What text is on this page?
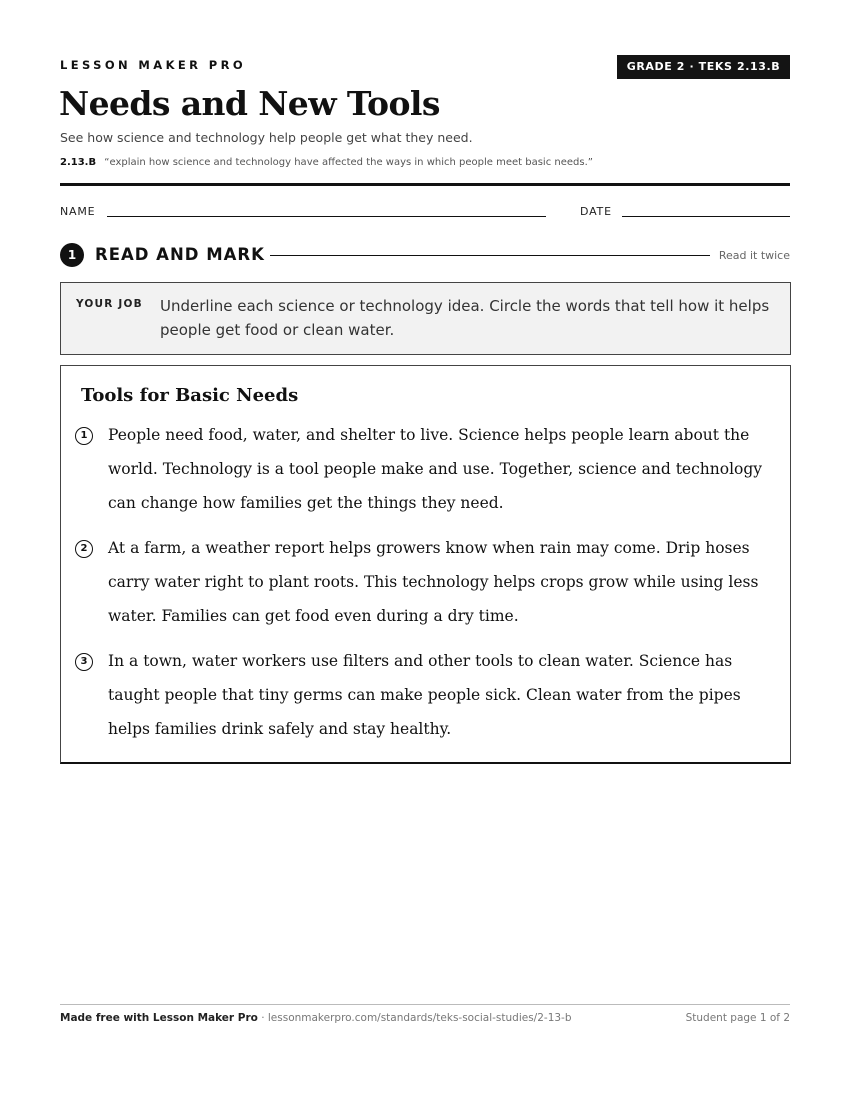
LESSON MAKER PRO	GRADE 2 · TEKS 2.13.B
Needs and New Tools
See how science and technology help people get what they need.
2.13.B “explain how science and technology have affected the ways in which people meet basic needs.”
NAME	DATE
1	READ AND MARK	Read it twice
YOUR JOB Underline each science or technology idea. Circle the words that tell how it helps people get food or clean water.
Tools for Basic Needs
1	People need food, water, and shelter to live. Science helps people learn about the world. Technology is a tool people make and use. Together, science and technology can change how families get the things they need.

2	At a farm, a weather report helps growers know when rain may come. Drip hoses carry water right to plant roots. This technology helps crops grow while using less water. Families can get food even during a dry time.

3	In a town, water workers use filters and other tools to clean water. Science has taught people that tiny germs can make people sick. Clean water from the pipes helps families drink safely and stay healthy.

Made free with Lesson Maker Pro · lessonmakerpro.com/standards/teks-social-studies/2-13-b	Student page 1 of 2
